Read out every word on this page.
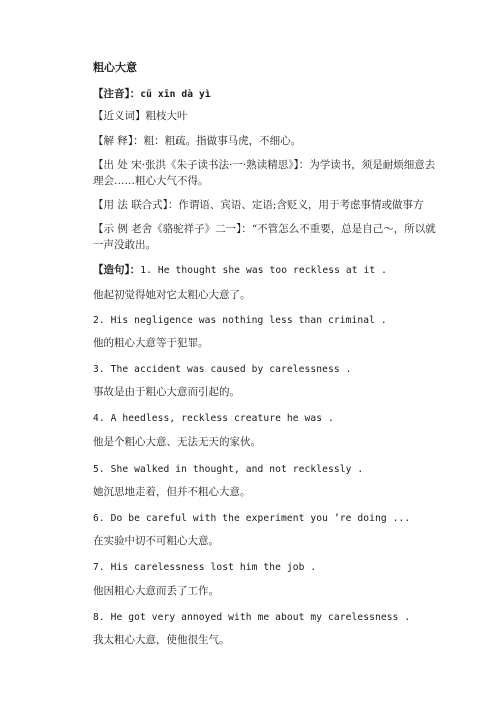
粗心大意
【注音】：cū xīn dà yì
【近义词】粗枝大叶
【解 释】：粗：粗疏。指做事马虎，不细心。
【出 处 宋·张洪《朱子读书法·一·熟读精思》】：为学读书，须是耐烦细意去理会……粗心大气不得。
【用 法 联合式】：作谓语、宾语、定语;含贬义，用于考虑事情或做事方
【示 例 老舍《骆驼祥子》二一】：“不管怎么不重要，总是自己～，所以就一声没敢出。
【造句】：1. He thought she was too reckless at it .
他起初觉得她对它太粗心大意了。
2. His negligence was nothing less than criminal .
他的粗心大意等于犯罪。
3. The accident was caused by carelessness .
事故是由于粗心大意而引起的。
4. A heedless, reckless creature he was .
他是个粗心大意、无法无天的家伙。
5. She walked in thought, and not recklessly .
她沉思地走着，但并不粗心大意。
6. Do be careful with the experiment you ’re doing ...
在实验中切不可粗心大意。
7. His carelessness lost him the job .
他因粗心大意而丢了工作。
8. He got very annoyed with me about my carelessness .
我太粗心大意，使他很生气。
